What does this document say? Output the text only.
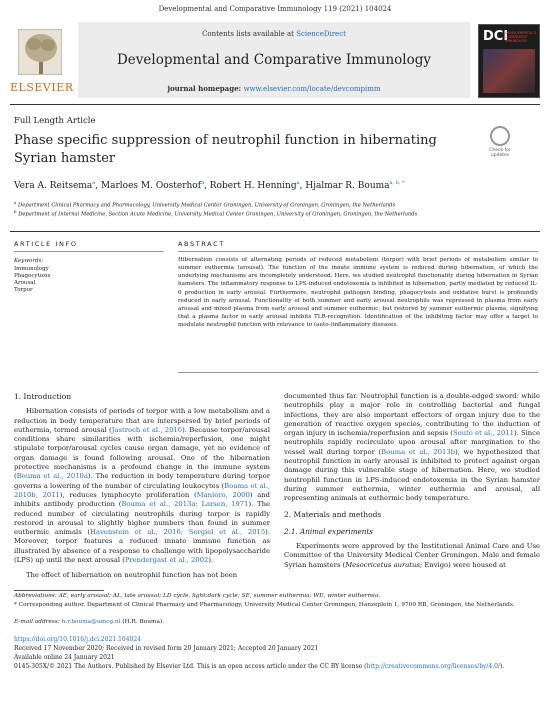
Developmental and Comparative Immunology 119 (2021) 104024
ELSEVIER
Contents lists available at ScienceDirect
Developmental and Comparative Immunology
journal homepage: www.elsevier.com/locate/devcompimm
DCI
DEVELOPMENTAL & COMPARATIVE IMMUNOLOGY
Full Length Article
Phase specific suppression of neutrophil function in hibernating Syrian hamster
Check for updates
Vera A. Reitsema$^a$, Marloes M. Oosterhof$^a$, Robert H. Henning$^a$, Hjalmar R. Bouma$^{a, b, *}$
$^a$ Department Clinical Pharmacy and Pharmacology, University Medical Center Groningen, University of Groningen, Groningen, the Netherlands
$^b$ Department of Internal Medicine, Section Acute Medicine, University Medical Center Groningen, University of Groningen, Groningen, the Netherlands
ARTICLE INFO	ABSTRACT
Keywords:
Immunology
Phagocytosis
Arousal
Torpor
Hibernation consists of alternating periods of reduced metabolism (torpor) with brief periods of metabolism similar to summer euthermia (arousal). The function of the innate immune system is reduced during hibernation, of which the underlying mechanisms are incompletely understood. Here, we studied neutrophil functionality during hibernation in Syrian hamsters. The inflammatory response to LPS-induced endotoxemia is inhibited in hibernation, partly mediated by reduced IL-6 production in early arousal. Furthermore, neutrophil pathogen binding, phagocytosis and oxidative burst is profoundly reduced in early arousal. Functionality of both summer and early arousal neutrophils was repressed in plasma from early arousal and mixed plasma from early arousal and summer euthermic, but restored by summer euthermic plasma, signifying that a plasma factor in early arousal inhibits TLR-recognition. Identification of the inhibiting factor may offer a target to modulate neutrophil function with relevance to (auto-)inflammatory diseases.
1. Introduction

Hibernation consists of periods of torpor with a low metabolism and a reduction in body temperature that are interspersed by brief periods of euthermia, termed arousal (Jastroch et al., 2016). Because torpor/arousal conditions share similarities with ischemia/reperfusion, one might stipulate torpor/arousal cycles cause organ damage, yet no evidence of organ damage is found following arousal. One of the hibernation protective mechanisms is a profound change in the immune system (Bouma et al., 2010a). The reduction in body temperature during torpor governs a lowering of the number of circulating leukocytes (Bouma et al., 2010b, 2011), reduces lymphocyte proliferation (Maniero, 2000) and inhibits antibody production (Bouma et al., 2013a; Larsen, 1971). The reduced number of circulating neutrophils during torpor is rapidly restored in arousal to slightly higher numbers than found in summer euthermic animals (Havenstein et al., 2016; Sergiel et al., 2015). Moreover, torpor features a reduced innate immune function as illustrated by absence of a response to challenge with lipopolysaccharide (LPS) up until the next arousal (Prendergast et al., 2002).

The effect of hibernation on neutrophil function has not been

documented thus far. Neutrophil function is a double-edged sword: while neutrophils play a major role in controlling bacterial and fungal infections, they are also important effectors of organ injury due to the generation of reactive oxygen species, contributing to the induction of organ injury in ischemia/reperfusion and sepsis (Souto et al., 2011). Since neutrophils rapidly recirculate upon arousal after margination to the vessel wall during torpor (Bouma et al., 2013b), we hypothesized that neutrophil function in early arousal is inhibited to protect against organ damage during this vulnerable stage of hibernation. Here, we studied neutrophil function in LPS-induced endotoxemia in the Syrian hamster during summer euthermia, winter euthermia and arousal, all representing animals at euthermic body temperature.

2. Materials and methods
2.1. Animal experiments

Experiments were approved by the Institutional Animal Care and Use Committee of the University Medical Center Groningen. Male and female Syrian hamsters (Mesocricetus auratus; Envigo) were housed at

Abbreviations: AE, early arousal; AL, late arousal; LD cycle, light:dark cycle; SE, summer euthermia; WE, winter euthermia.
* Corresponding author. Department of Clinical Pharmacy and Pharmacology, University Medical Center Groningen, Hanzeplein 1, 9700 RB, Groningen, the Netherlands.
E-mail address: h.r.bouma@umcg.nl (H.R. Bouma).
https://doi.org/10.1016/j.dci.2021.104024
Received 17 November 2020; Received in revised form 20 January 2021; Accepted 20 January 2021
Available online 24 January 2021
0145-305X/© 2021 The Authors. Published by Elsevier Ltd. This is an open access article under the CC BY license (http://creativecommons.org/licenses/by/4.0/).
